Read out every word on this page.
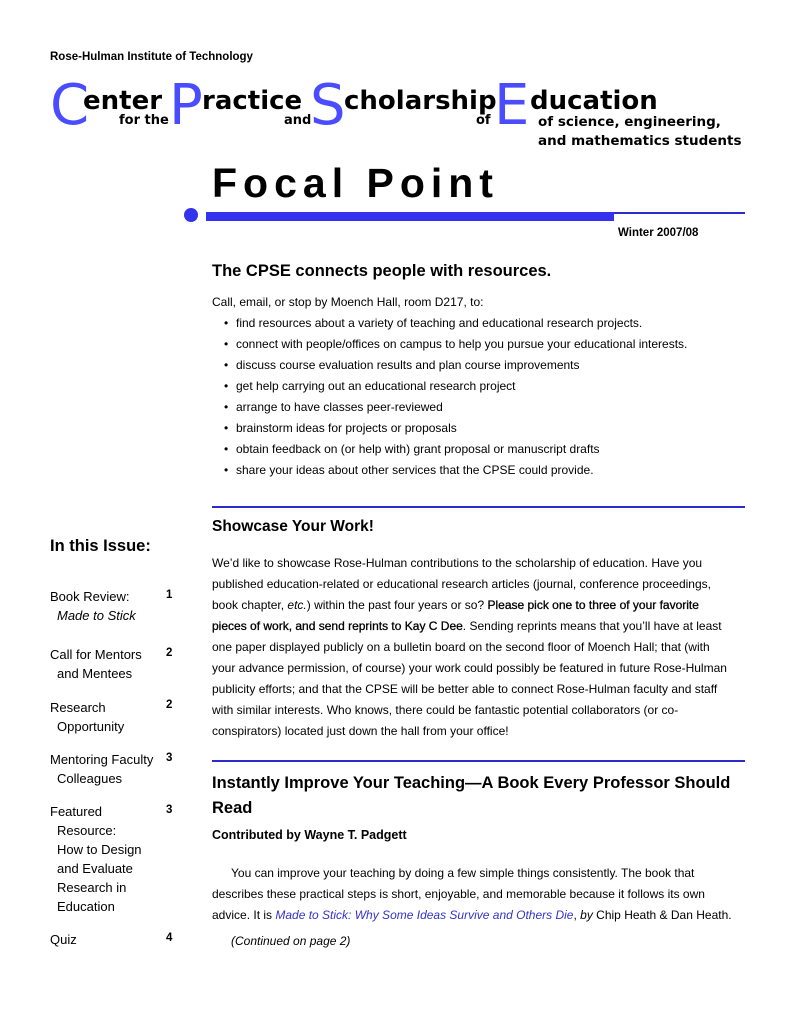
Rose-Hulman Institute of Technology
C
enter
for the P ractice
and
S
cholarship
of E ducation
of science, engineering,
and mathematics students
Focal Point
Winter 2007/08
The CPSE connects people with resources.
Call, email, or stop by Moench Hall, room D217, to:
• find resources about a variety of teaching and educational research projects.
• connect with people/offices on campus to help you pursue your educational interests.
• discuss course evaluation results and plan course improvements
• get help carrying out an educational research project
• arrange to have classes peer-reviewed
• brainstorm ideas for projects or proposals
• obtain feedback on (or help with) grant proposal or manuscript drafts
• share your ideas about other services that the CPSE could provide.
Showcase Your Work!
We’d like to showcase Rose-Hulman contributions to the scholarship of education. Have you published education-related or educational research articles (journal, conference proceedings, book chapter, etc.) within the past four years or so? Please pick one to three of your favorite pieces of work, and send reprints to Kay C Dee. Sending reprints means that you’ll have at least one paper displayed publicly on a bulletin board on the second floor of Moench Hall; that (with your advance permission, of course) your work could possibly be featured in future Rose-Hulman publicity efforts; and that the CPSE will be better able to connect Rose-Hulman faculty and staff with similar interests. Who knows, there could be fantastic potential collaborators (or co-conspirators) located just down the hall from your office!
Instantly Improve Your Teaching—A Book Every Professor Should Read
Contributed by Wayne T. Padgett
You can improve your teaching by doing a few simple things consistently. The book that describes these practical steps is short, enjoyable, and memorable because it follows its own advice. It is Made to Stick: Why Some Ideas Survive and Others Die, by Chip Heath & Dan Heath.
(Continued on page 2)
In this Issue:
Book Review:
Made to Stick
1
Call for Mentors
and Mentees
2
Research
Opportunity
2
Mentoring Faculty
Colleagues
3
Featured
Resource:
How to Design
and Evaluate
Research in
Education
3
Quiz	4
